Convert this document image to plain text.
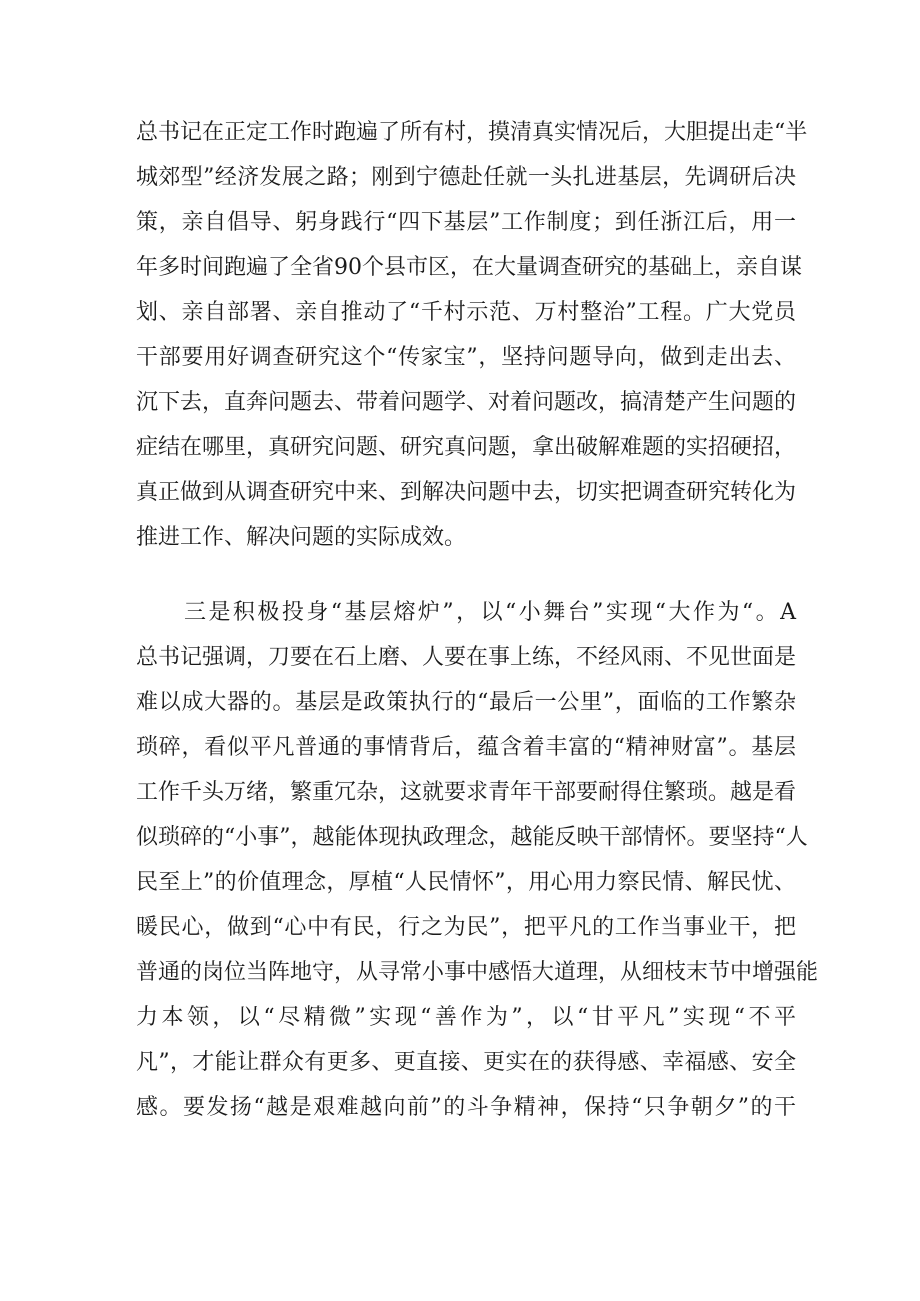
总书记在正定工作时跑遍了所有村，摸清真实情况后，大胆提出走“半
城郊型”经济发展之路；刚到宁德赴任就一头扎进基层，先调研后决
策，亲自倡导、躬身践行“四下基层”工作制度；到任浙江后，用一
年多时间跑遍了全省90个县市区，在大量调查研究的基础上，亲自谋
划、亲自部署、亲自推动了“千村示范、万村整治”工程。广大党员
干部要用好调查研究这个“传家宝”，坚持问题导向，做到走出去、
沉下去，直奔问题去、带着问题学、对着问题改，搞清楚产生问题的
症结在哪里，真研究问题、研究真问题，拿出破解难题的实招硬招，
真正做到从调查研究中来、到解决问题中去，切实把调查研究转化为
推进工作、解决问题的实际成效。
三是积极投身“基层熔炉”，以“小舞台”实现“大作为“。A
总书记强调，刀要在石上磨、人要在事上练，不经风雨、不见世面是
难以成大器的。基层是政策执行的“最后一公里”，面临的工作繁杂
琐碎，看似平凡普通的事情背后，蕴含着丰富的“精神财富”。基层
工作千头万绪，繁重冗杂，这就要求青年干部要耐得住繁琐。越是看
似琐碎的“小事”，越能体现执政理念，越能反映干部情怀。要坚持“人
民至上”的价值理念，厚植“人民情怀”，用心用力察民情、解民忧、
暖民心，做到“心中有民，行之为民”，把平凡的工作当事业干，把
普通的岗位当阵地守，从寻常小事中感悟大道理，从细枝末节中增强能
力本领，以“尽精微”实现“善作为”，以“甘平凡”实现“不平
凡”，才能让群众有更多、更直接、更实在的获得感、幸福感、安全
感。要发扬“越是艰难越向前”的斗争精神，保持“只争朝夕”的干
